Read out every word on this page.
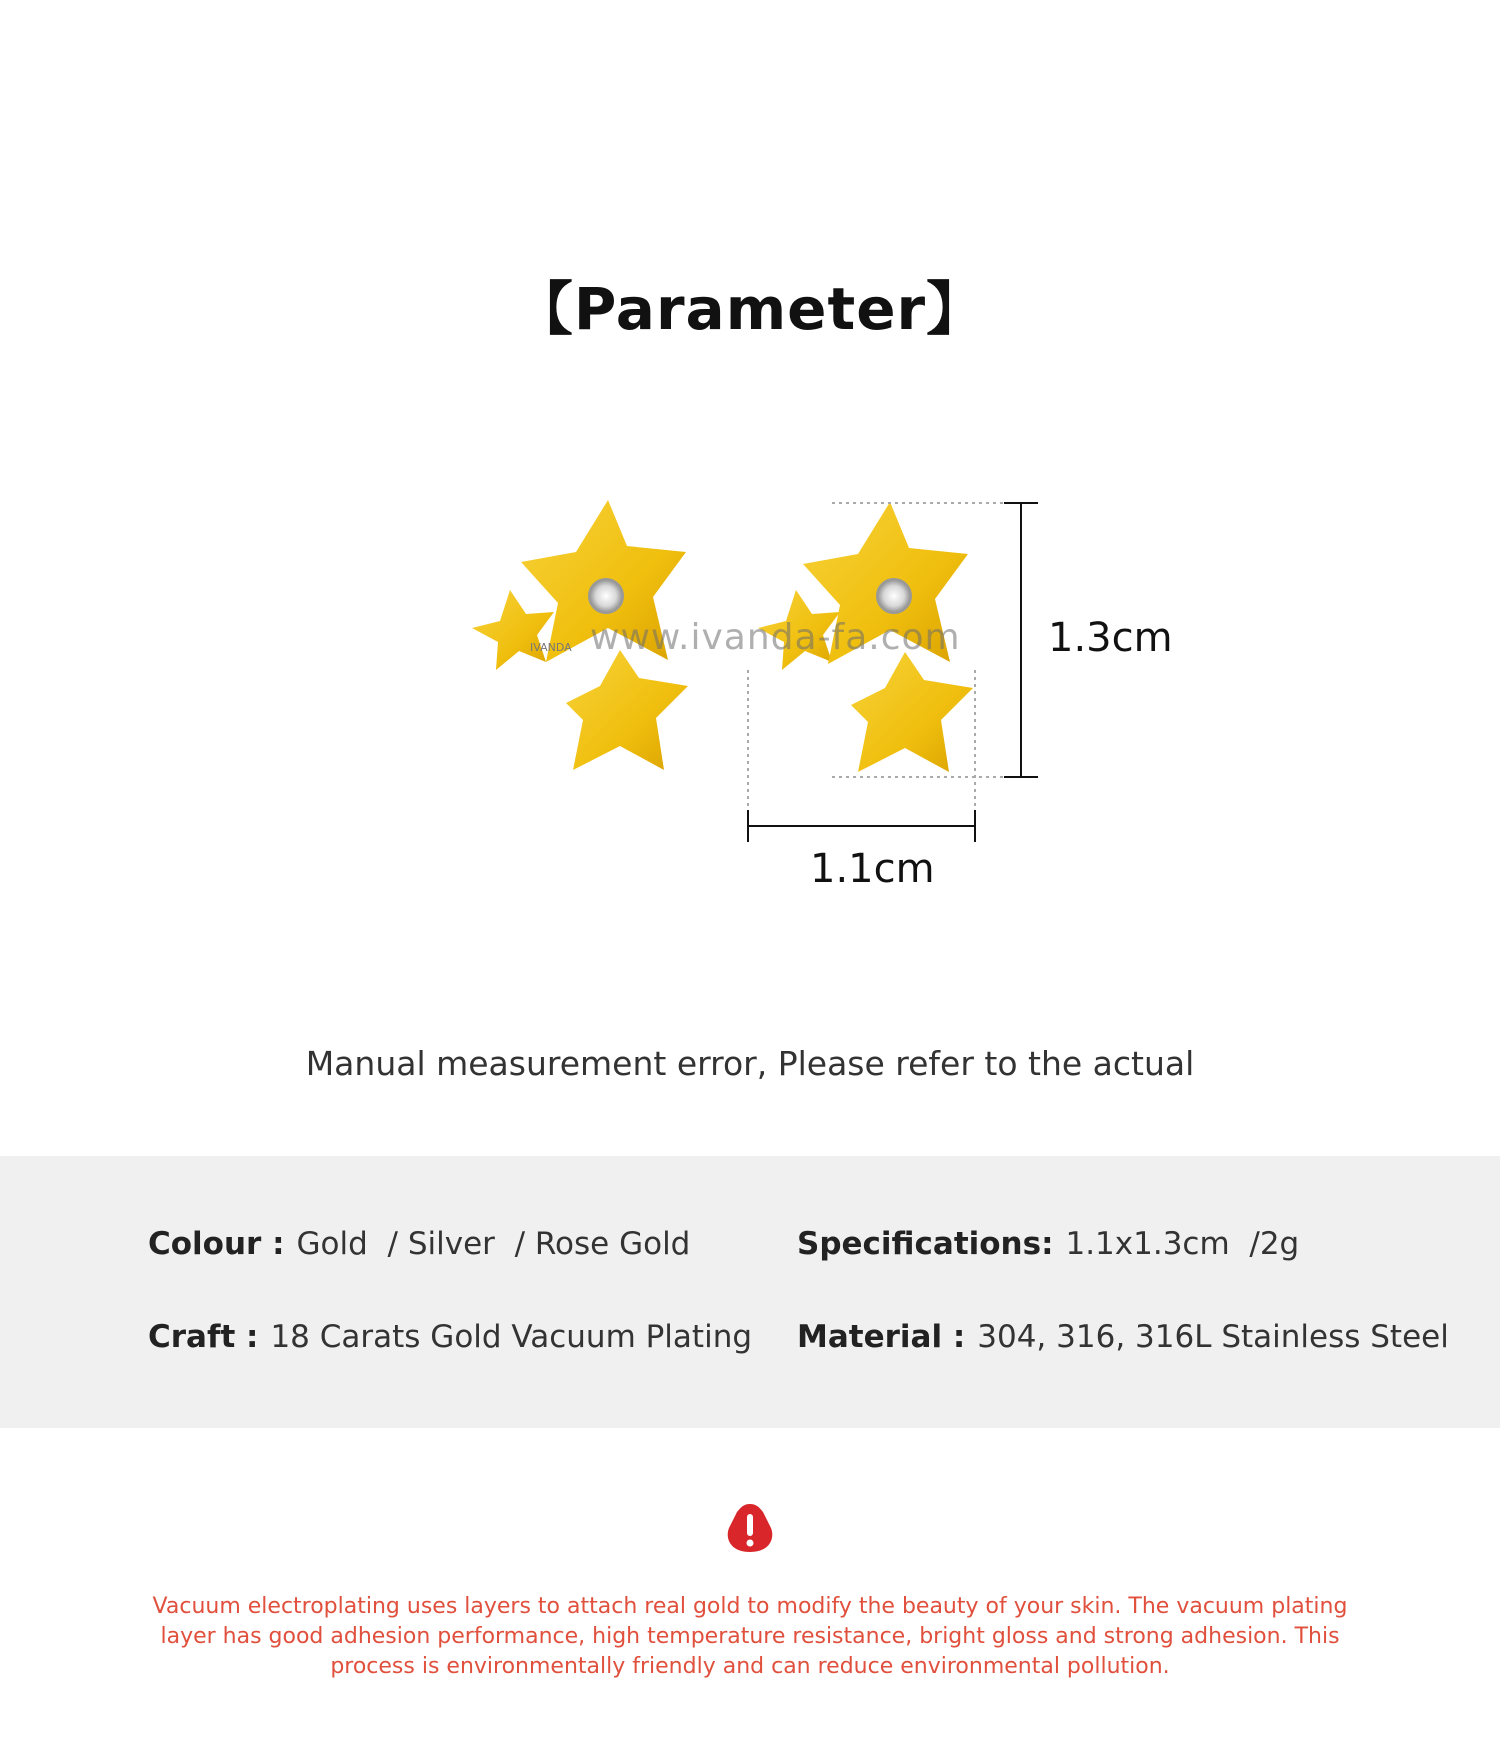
【Parameter】
IVANDA www.ivanda-fa.com 1.3cm
1.1cm
Manual measurement error, Please refer to the actual
Colour : Gold  / Silver  / Rose Gold	Specifications: 1.1x1.3cm  /2g
Craft : 18 Carats Gold Vacuum Plating Material : 304, 316, 316L Stainless Steel
Vacuum electroplating uses layers to attach real gold to modify the beauty of your skin. The vacuum plating layer has good adhesion performance, high temperature resistance, bright gloss and strong adhesion. This process is environmentally friendly and can reduce environmental pollution.
